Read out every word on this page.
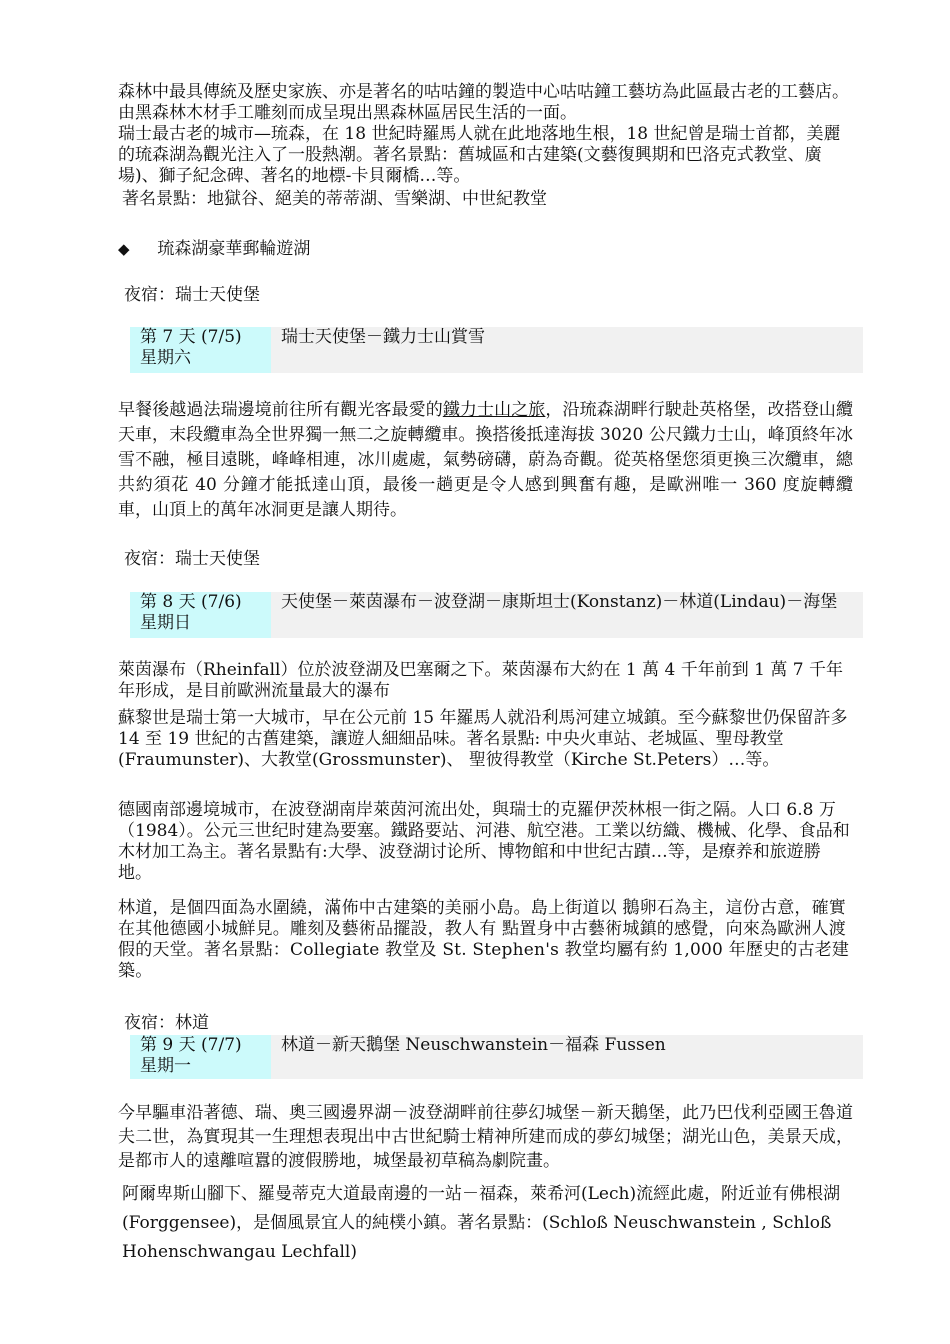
森林中最具傳統及歷史家族、亦是著名的咕咕鐘的製造中心咕咕鐘工藝坊為此區最古老的工藝店。由黑森林木材手工雕刻而成呈現出黑森林區居民生活的一面。

瑞士最古老的城市—琉森，在 18 世紀時羅馬人就在此地落地生根，18 世紀曾是瑞士首都，美麗的琉森湖為觀光注入了一股熱潮。著名景點：舊城區和古建築(文藝復興期和巴洛克式教堂、廣場)、獅子紀念碑、著名的地標-卡貝爾橋…等。

著名景點：地獄谷、絕美的蒂蒂湖、雪樂湖、中世紀教堂

◆ 琉森湖豪華郵輪遊湖
夜宿：瑞士天使堡
第 7 天 (7/5)
星期六
瑞士天使堡－鐵力士山賞雪

早餐後越過法瑞邊境前往所有觀光客最愛的鐵力士山之旅，沿琉森湖畔行駛赴英格堡，改搭登山纜天車，末段纜車為全世界獨一無二之旋轉纜車。換搭後抵達海拔 3020 公尺鐵力士山，峰頂終年冰雪不融，極目遠眺，峰峰相連，冰川處處，氣勢磅礴，蔚為奇觀。從英格堡您須更換三次纜車，總共約須花 40 分鐘才能抵達山頂，最後一趟更是令人感到興奮有趣，是歐洲唯一 360 度旋轉纜車，山頂上的萬年冰洞更是讓人期待。

夜宿：瑞士天使堡
第 8 天 (7/6)
星期日
天使堡－萊茵瀑布－波登湖－康斯坦士(Konstanz)－林道(Lindau)－海堡

萊茵瀑布（Rheinfall）位於波登湖及巴塞爾之下。萊茵瀑布大約在 1 萬 4 千年前到 1 萬 7 千年年形成，是目前歐洲流量最大的瀑布

蘇黎世是瑞士第一大城市，早在公元前 15 年羅馬人就沿利馬河建立城鎮。至今蘇黎世仍保留許多 14 至 19 世紀的古舊建築，讓遊人細細品味。著名景點: 中央火車站、老城區、聖母教堂(Fraumunster)、大教堂(Grossmunster)、 聖彼得教堂（Kirche St.Peters）…等。

德國南部邊境城市，在波登湖南岸萊茵河流出处，與瑞士的克羅伊茨林根一街之隔。人口 6.8 万（1984）。公元三世纪时建為要塞。鐵路要站、河港、航空港。工業以纺織、機械、化學、食品和木材加工為主。著名景點有:大學、波登湖讨论所、博物館和中世纪古蹟…等，是療养和旅遊勝地。

林道，是個四面為水圍繞，滿佈中古建築的美丽小島。島上街道以 鵝卵石為主，這份古意，確實在其他德國小城鮮見。雕刻及藝術品擺設，教人有 點置身中古藝術城鎮的感覺，向來為歐洲人渡假的天堂。著名景點：Collegiate 教堂及 St. Stephen's 教堂均屬有約 1,000 年歷史的古老建築。

夜宿：林道
第 9 天 (7/7)
星期一
林道－新天鵝堡 Neuschwanstein－福森 Fussen

今早驅車沿著德、瑞、奧三國邊界湖－波登湖畔前往夢幻城堡－新天鵝堡，此乃巴伐利亞國王魯道夫二世，為實現其一生理想表現出中古世紀騎士精神所建而成的夢幻城堡；湖光山色，美景天成，是都市人的遠離喧囂的渡假勝地，城堡最初草稿為劇院畫。

阿爾卑斯山腳下、羅曼蒂克大道最南邊的一站－福森，萊希河(Lech)流經此處，附近並有佛根湖(Forggensee)，是個風景宜人的純樸小鎮。著名景點：(Schloß Neuschwanstein , Schloß Hohenschwangau Lechfall)
